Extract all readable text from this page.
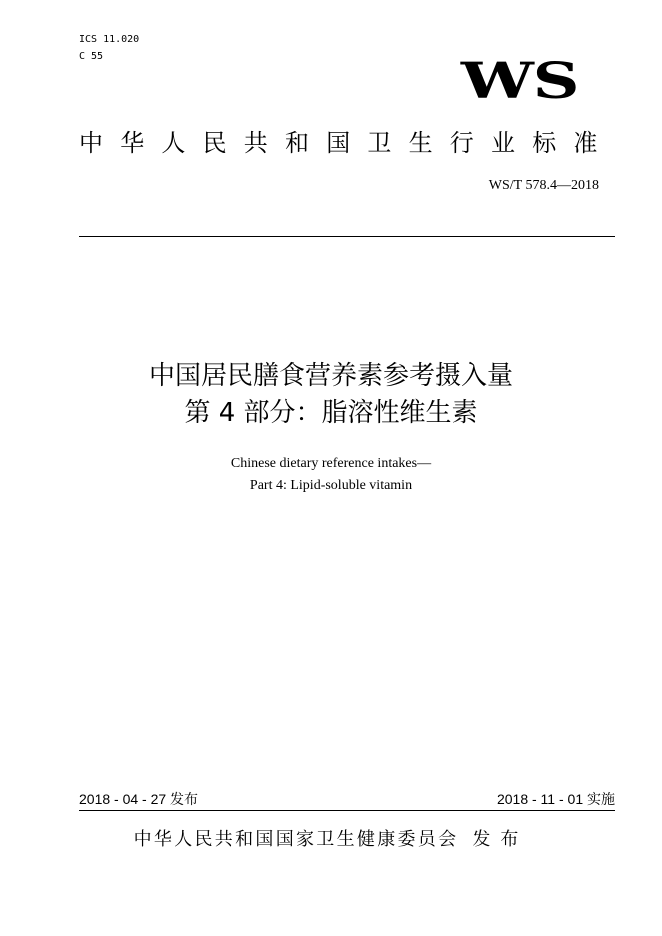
ICS 11.020
C 55	WS
中华人民共和国卫生行业标准
WS/T 578.4—2018
中国居民膳食营养素参考摄入量
第 4 部分：脂溶性维生素
Chinese dietary reference intakes—
Part 4: Lipid-soluble vitamin
2018 - 04 - 27 发布	2018 - 11 - 01 实施
中华人民共和国国家卫生健康委员会 发布
